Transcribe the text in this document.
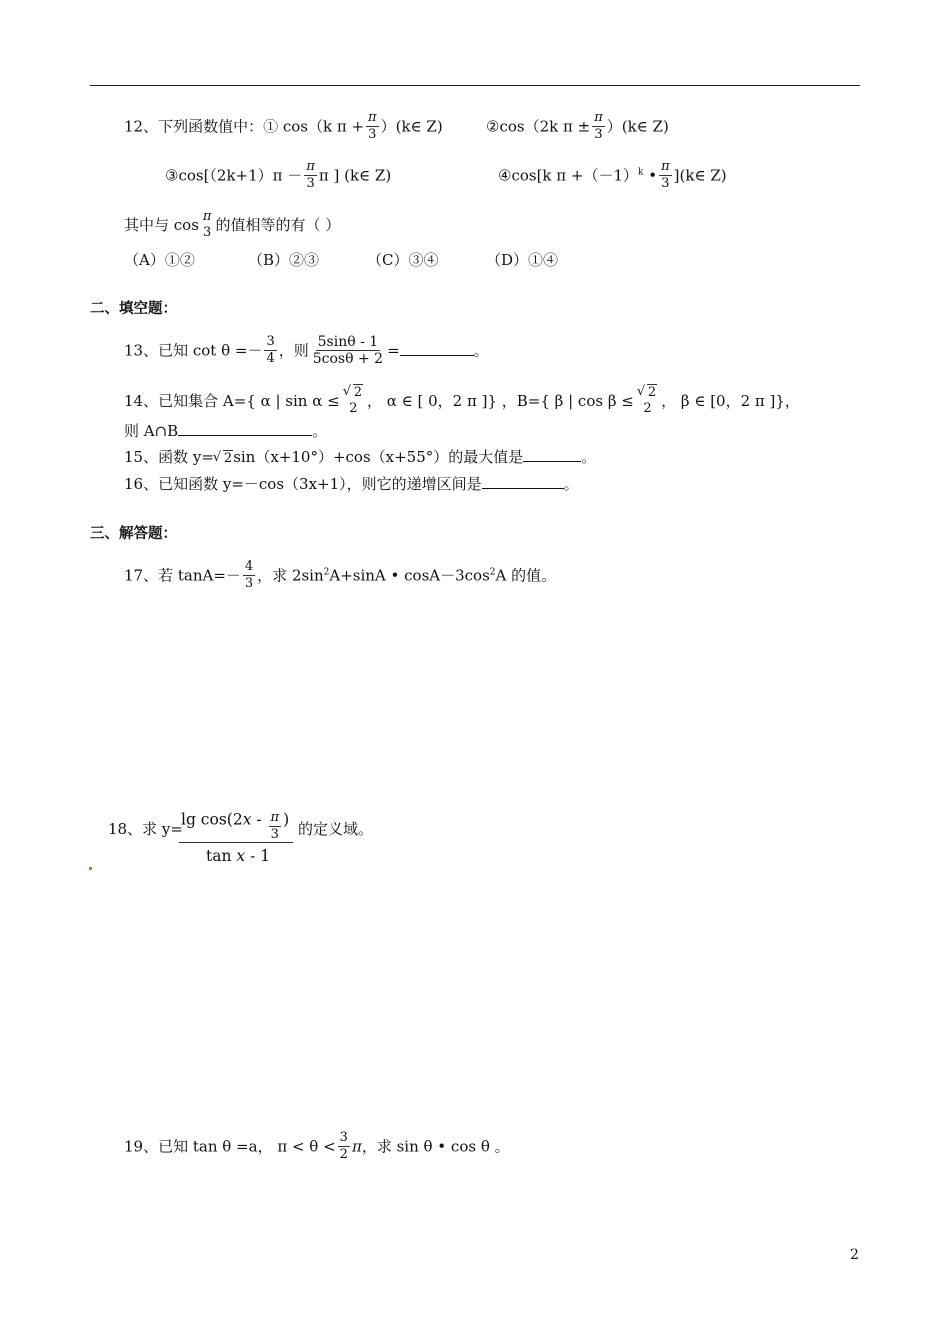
12、下列函数值中：① cos（k $\pi + \frac{\pi}{3}$ ）(k∈ Z)	②cos（2k $\pi \pm \frac{\pi}{3}$ ）(k∈ Z)
③cos[（2k+1）π － $\frac{\pi}{3}$ π ] (k∈ Z)	④cos[k $\pi +(-1)^k$ • $\frac{\pi}{3}$ ](k∈ Z)
其中与 cos π
3 的值相等的有（ ）
（A）①②	（B）②③	（C）③④	（D）①④
二、填空题：
13、已知 $\cot \theta =- \frac{3}{4}$ ，则 $\frac{5\sin\theta - 1}{5\cos\theta + 2}$ =	。
14、已知集合 A={ α | sin α ≤	√ 2
2 ， α ∈ [ 0，2 π ]} ，B={ β | cos β ≤	√ 2
2 ， β ∈ [0，2 π ]}，
则 A∩B	。
15、函数 y= √ 2sin（x+10°）+cos（x+55°）的最大值是	。
16、已知函数 y=－cos（3x+1），则它的递增区间是	。
三、解答题：
17、若 $\tan A=- \frac{4}{3}$ ，求 $2\sin^2A+\sin A$ • $\cos A-3\cos^2A$ 的值。
18、求 y=
$\lg \cos(2x - \frac{\pi}{3}$ )
tan x - 1
的定义域。
19、已知 tan θ =a， $\pi < \theta < \frac{3}{2}$ π，求 sin θ • cos θ 。
2
